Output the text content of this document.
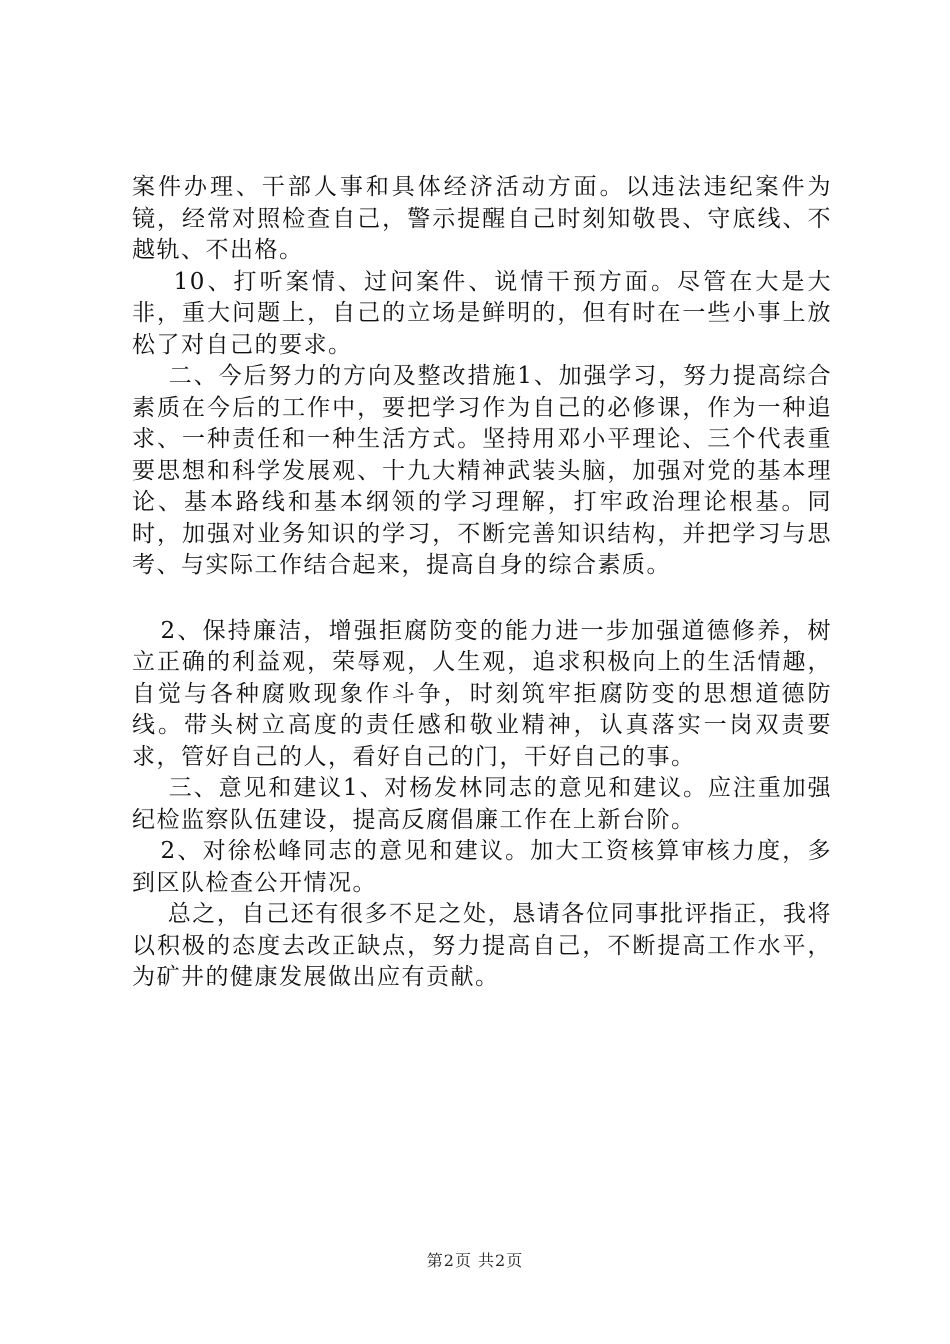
案件办理、干部人事和具体经济活动方面。以违法违纪案件为镜，经常对照检查自己，警示提醒自己时刻知敬畏、守底线、不越轨、不出格。

10、打听案情、过问案件、说情干预方面。尽管在大是大非，重大问题上，自己的立场是鲜明的，但有时在一些小事上放松了对自己的要求。

二、今后努力的方向及整改措施1、加强学习，努力提高综合素质在今后的工作中，要把学习作为自己的必修课，作为一种追求、一种责任和一种生活方式。坚持用邓小平理论、三个代表重要思想和科学发展观、十九大精神武装头脑，加强对党的基本理论、基本路线和基本纲领的学习理解，打牢政治理论根基。同时，加强对业务知识的学习，不断完善知识结构，并把学习与思考、与实际工作结合起来，提高自身的综合素质。

2、保持廉洁，增强拒腐防变的能力进一步加强道德修养，树立正确的利益观，荣辱观，人生观，追求积极向上的生活情趣，自觉与各种腐败现象作斗争，时刻筑牢拒腐防变的思想道德防线。带头树立高度的责任感和敬业精神，认真落实一岗双责要求，管好自己的人，看好自己的门，干好自己的事。

三、意见和建议1、对杨发林同志的意见和建议。应注重加强纪检监察队伍建设，提高反腐倡廉工作在上新台阶。

2、对徐松峰同志的意见和建议。加大工资核算审核力度，多到区队检查公开情况。

总之，自己还有很多不足之处，恳请各位同事批评指正，我将以积极的态度去改正缺点，努力提高自己，不断提高工作水平，为矿井的健康发展做出应有贡献。

第2页 共2页
